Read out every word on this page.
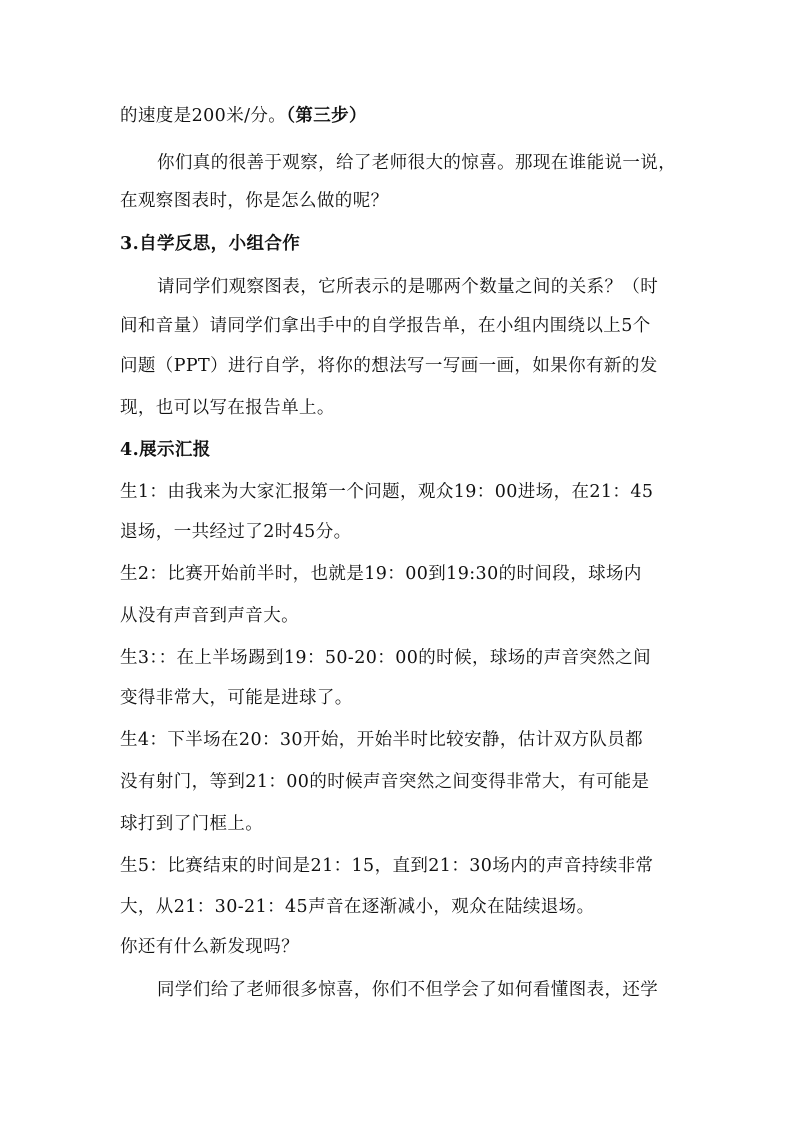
的速度是200米/分。（第三步）
你们真的很善于观察，给了老师很大的惊喜。那现在谁能说一说，
在观察图表时，你是怎么做的呢？
3.自学反思，小组合作
请同学们观察图表，它所表示的是哪两个数量之间的关系？（时
间和音量）请同学们拿出手中的自学报告单，在小组内围绕以上5个
问题（PPT）进行自学，将你的想法写一写画一画，如果你有新的发
现，也可以写在报告单上。
4.展示汇报
生1：由我来为大家汇报第一个问题，观众19：00进场，在21：45
退场，一共经过了2时45分。
生2：比赛开始前半时，也就是19：00到19:30的时间段，球场内
从没有声音到声音大。
生3：：在上半场踢到19：50-20：00的时候，球场的声音突然之间
变得非常大，可能是进球了。
生4：下半场在20：30开始，开始半时比较安静，估计双方队员都
没有射门，等到21：00的时候声音突然之间变得非常大，有可能是
球打到了门框上。
生5：比赛结束的时间是21：15，直到21：30场内的声音持续非常
大，从21：30-21：45声音在逐渐减小，观众在陆续退场。
你还有什么新发现吗？
同学们给了老师很多惊喜，你们不但学会了如何看懂图表，还学
